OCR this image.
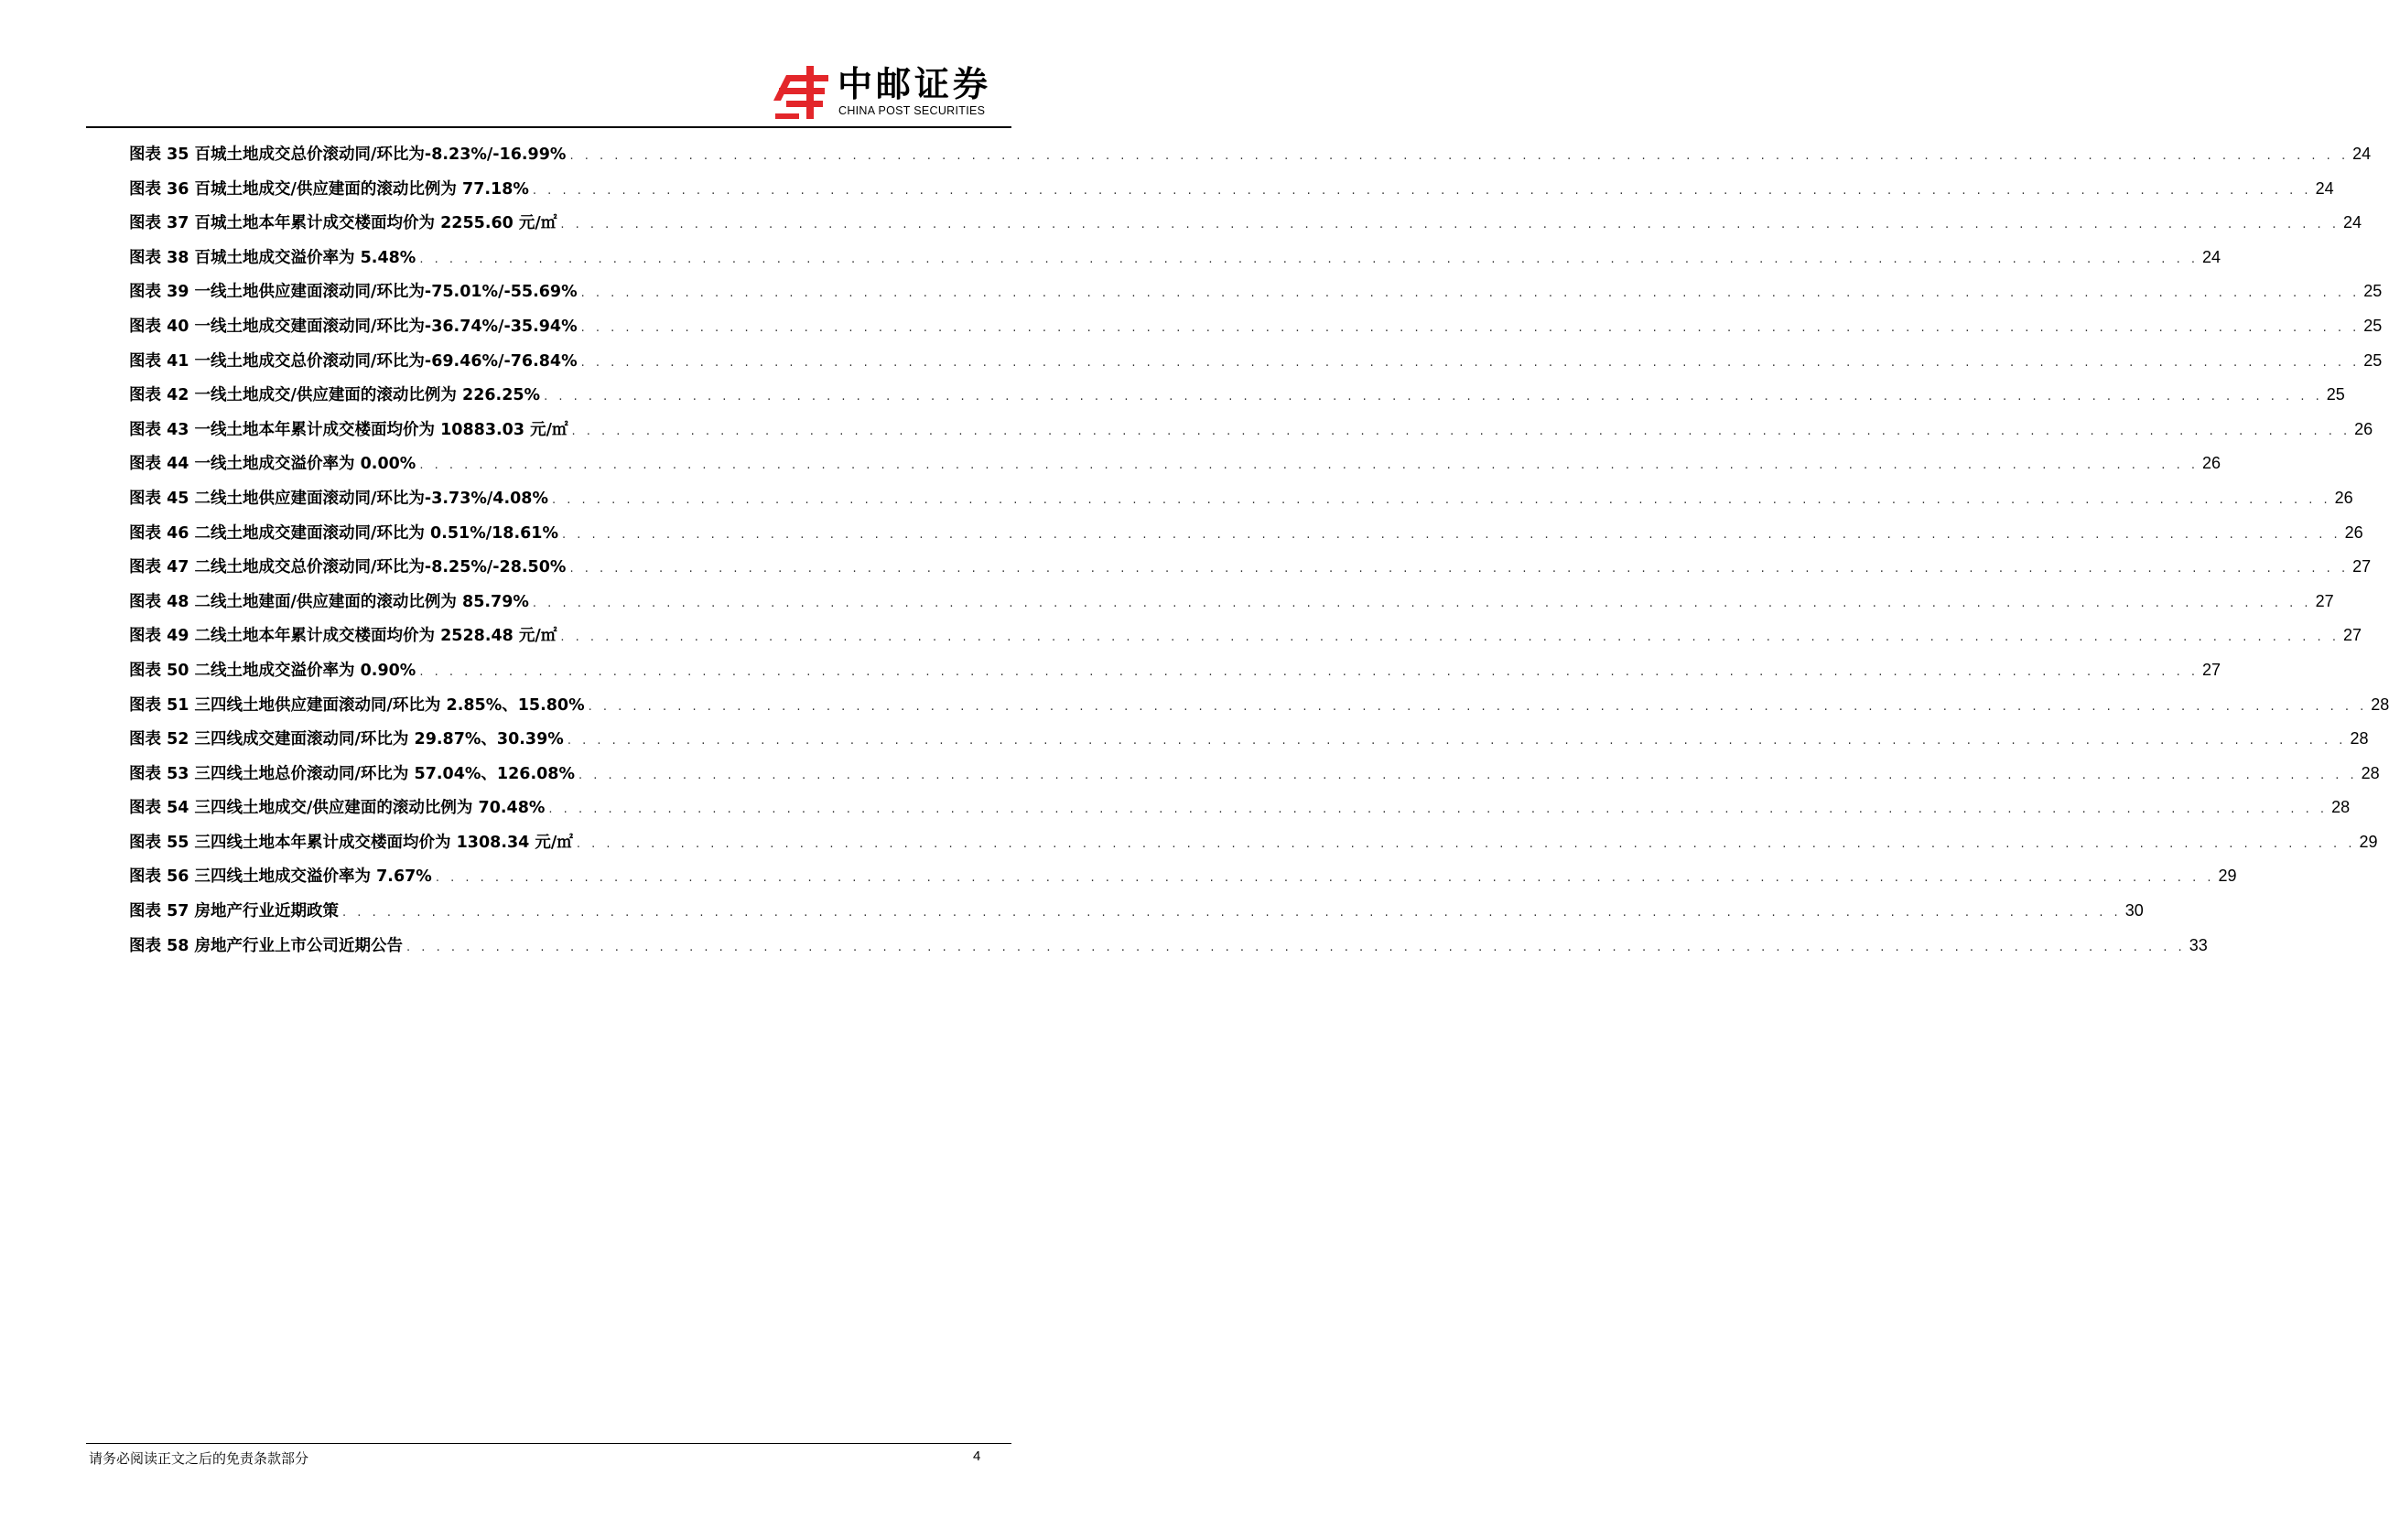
中邮证券
CHINA POST SECURITIES
图表 35 百城土地成交总价滚动同/环比为-8.23%/-16.99% . . . . . . . . . . . . . . . . . . . . . . . . . . . . . . . . . . . . . . . . . . . . . . . . . . . . . . . . . . . . . . . . . . . . . . . . . . . . . . . . . . . . . . . . . . . . . . . . . . . . . . . . . . . . . . . . . . . . . . . . 24
图表 36 百城土地成交/供应建面的滚动比例为 77.18% . . . . . . . . . . . . . . . . . . . . . . . . . . . . . . . . . . . . . . . . . . . . . . . . . . . . . . . . . . . . . . . . . . . . . . . . . . . . . . . . . . . . . . . . . . . . . . . . . . . . . . . . . . . . . . . . . . . . . . . . 24
图表 37 百城土地本年累计成交楼面均价为 2255.60 元/㎡ . . . . . . . . . . . . . . . . . . . . . . . . . . . . . . . . . . . . . . . . . . . . . . . . . . . . . . . . . . . . . . . . . . . . . . . . . . . . . . . . . . . . . . . . . . . . . . . . . . . . . . . . . . . . . . . . . . . . . . . . 24
图表 38 百城土地成交溢价率为 5.48% . . . . . . . . . . . . . . . . . . . . . . . . . . . . . . . . . . . . . . . . . . . . . . . . . . . . . . . . . . . . . . . . . . . . . . . . . . . . . . . . . . . . . . . . . . . . . . . . . . . . . . . . . . . . . . . . . . . . . . . . 24
图表 39 一线土地供应建面滚动同/环比为-75.01%/-55.69% . . . . . . . . . . . . . . . . . . . . . . . . . . . . . . . . . . . . . . . . . . . . . . . . . . . . . . . . . . . . . . . . . . . . . . . . . . . . . . . . . . . . . . . . . . . . . . . . . . . . . . . . . . . . . . . . . . . . . . . . 25
图表 40 一线土地成交建面滚动同/环比为-36.74%/-35.94% . . . . . . . . . . . . . . . . . . . . . . . . . . . . . . . . . . . . . . . . . . . . . . . . . . . . . . . . . . . . . . . . . . . . . . . . . . . . . . . . . . . . . . . . . . . . . . . . . . . . . . . . . . . . . . . . . . . . . . . . 25
图表 41 一线土地成交总价滚动同/环比为-69.46%/-76.84% . . . . . . . . . . . . . . . . . . . . . . . . . . . . . . . . . . . . . . . . . . . . . . . . . . . . . . . . . . . . . . . . . . . . . . . . . . . . . . . . . . . . . . . . . . . . . . . . . . . . . . . . . . . . . . . . . . . . . . . . 25
图表 42 一线土地成交/供应建面的滚动比例为 226.25% . . . . . . . . . . . . . . . . . . . . . . . . . . . . . . . . . . . . . . . . . . . . . . . . . . . . . . . . . . . . . . . . . . . . . . . . . . . . . . . . . . . . . . . . . . . . . . . . . . . . . . . . . . . . . . . . . . . . . . . . 25
图表 43 一线土地本年累计成交楼面均价为 10883.03 元/㎡ . . . . . . . . . . . . . . . . . . . . . . . . . . . . . . . . . . . . . . . . . . . . . . . . . . . . . . . . . . . . . . . . . . . . . . . . . . . . . . . . . . . . . . . . . . . . . . . . . . . . . . . . . . . . . . . . . . . . . . . . 26
图表 44 一线土地成交溢价率为 0.00% . . . . . . . . . . . . . . . . . . . . . . . . . . . . . . . . . . . . . . . . . . . . . . . . . . . . . . . . . . . . . . . . . . . . . . . . . . . . . . . . . . . . . . . . . . . . . . . . . . . . . . . . . . . . . . . . . . . . . . . . 26
图表 45 二线土地供应建面滚动同/环比为-3.73%/4.08% . . . . . . . . . . . . . . . . . . . . . . . . . . . . . . . . . . . . . . . . . . . . . . . . . . . . . . . . . . . . . . . . . . . . . . . . . . . . . . . . . . . . . . . . . . . . . . . . . . . . . . . . . . . . . . . . . . . . . . . . 26
图表 46 二线土地成交建面滚动同/环比为 0.51%/18.61% . . . . . . . . . . . . . . . . . . . . . . . . . . . . . . . . . . . . . . . . . . . . . . . . . . . . . . . . . . . . . . . . . . . . . . . . . . . . . . . . . . . . . . . . . . . . . . . . . . . . . . . . . . . . . . . . . . . . . . . . 26
图表 47 二线土地成交总价滚动同/环比为-8.25%/-28.50% . . . . . . . . . . . . . . . . . . . . . . . . . . . . . . . . . . . . . . . . . . . . . . . . . . . . . . . . . . . . . . . . . . . . . . . . . . . . . . . . . . . . . . . . . . . . . . . . . . . . . . . . . . . . . . . . . . . . . . . . 27
图表 48 二线土地建面/供应建面的滚动比例为 85.79% . . . . . . . . . . . . . . . . . . . . . . . . . . . . . . . . . . . . . . . . . . . . . . . . . . . . . . . . . . . . . . . . . . . . . . . . . . . . . . . . . . . . . . . . . . . . . . . . . . . . . . . . . . . . . . . . . . . . . . . . 27
图表 49 二线土地本年累计成交楼面均价为 2528.48 元/㎡ . . . . . . . . . . . . . . . . . . . . . . . . . . . . . . . . . . . . . . . . . . . . . . . . . . . . . . . . . . . . . . . . . . . . . . . . . . . . . . . . . . . . . . . . . . . . . . . . . . . . . . . . . . . . . . . . . . . . . . . . 27
图表 50 二线土地成交溢价率为 0.90% . . . . . . . . . . . . . . . . . . . . . . . . . . . . . . . . . . . . . . . . . . . . . . . . . . . . . . . . . . . . . . . . . . . . . . . . . . . . . . . . . . . . . . . . . . . . . . . . . . . . . . . . . . . . . . . . . . . . . . . . 27
图表 51 三四线土地供应建面滚动同/环比为 2.85%、15.80% . . . . . . . . . . . . . . . . . . . . . . . . . . . . . . . . . . . . . . . . . . . . . . . . . . . . . . . . . . . . . . . . . . . . . . . . . . . . . . . . . . . . . . . . . . . . . . . . . . . . . . . . . . . . . . . . . . . . . . . . 28
图表 52 三四线成交建面滚动同/环比为 29.87%、30.39% . . . . . . . . . . . . . . . . . . . . . . . . . . . . . . . . . . . . . . . . . . . . . . . . . . . . . . . . . . . . . . . . . . . . . . . . . . . . . . . . . . . . . . . . . . . . . . . . . . . . . . . . . . . . . . . . . . . . . . . . 28
图表 53 三四线土地总价滚动同/环比为 57.04%、126.08% . . . . . . . . . . . . . . . . . . . . . . . . . . . . . . . . . . . . . . . . . . . . . . . . . . . . . . . . . . . . . . . . . . . . . . . . . . . . . . . . . . . . . . . . . . . . . . . . . . . . . . . . . . . . . . . . . . . . . . . . 28
图表 54 三四线土地成交/供应建面的滚动比例为 70.48% . . . . . . . . . . . . . . . . . . . . . . . . . . . . . . . . . . . . . . . . . . . . . . . . . . . . . . . . . . . . . . . . . . . . . . . . . . . . . . . . . . . . . . . . . . . . . . . . . . . . . . . . . . . . . . . . . . . . . . . . 28
图表 55 三四线土地本年累计成交楼面均价为 1308.34 元/㎡ . . . . . . . . . . . . . . . . . . . . . . . . . . . . . . . . . . . . . . . . . . . . . . . . . . . . . . . . . . . . . . . . . . . . . . . . . . . . . . . . . . . . . . . . . . . . . . . . . . . . . . . . . . . . . . . . . . . . . . . . 29
图表 56 三四线土地成交溢价率为 7.67% . . . . . . . . . . . . . . . . . . . . . . . . . . . . . . . . . . . . . . . . . . . . . . . . . . . . . . . . . . . . . . . . . . . . . . . . . . . . . . . . . . . . . . . . . . . . . . . . . . . . . . . . . . . . . . . . . . . . . . . . 29
图表 57 房地产行业近期政策 . . . . . . . . . . . . . . . . . . . . . . . . . . . . . . . . . . . . . . . . . . . . . . . . . . . . . . . . . . . . . . . . . . . . . . . . . . . . . . . . . . . . . . . . . . . . . . . . . . . . . . . . . . . . . . . . . . . . . . . . 30
图表 58 房地产行业上市公司近期公告 . . . . . . . . . . . . . . . . . . . . . . . . . . . . . . . . . . . . . . . . . . . . . . . . . . . . . . . . . . . . . . . . . . . . . . . . . . . . . . . . . . . . . . . . . . . . . . . . . . . . . . . . . . . . . . . . . . . . . . . . 33
请务必阅读正文之后的免责条款部分	4
